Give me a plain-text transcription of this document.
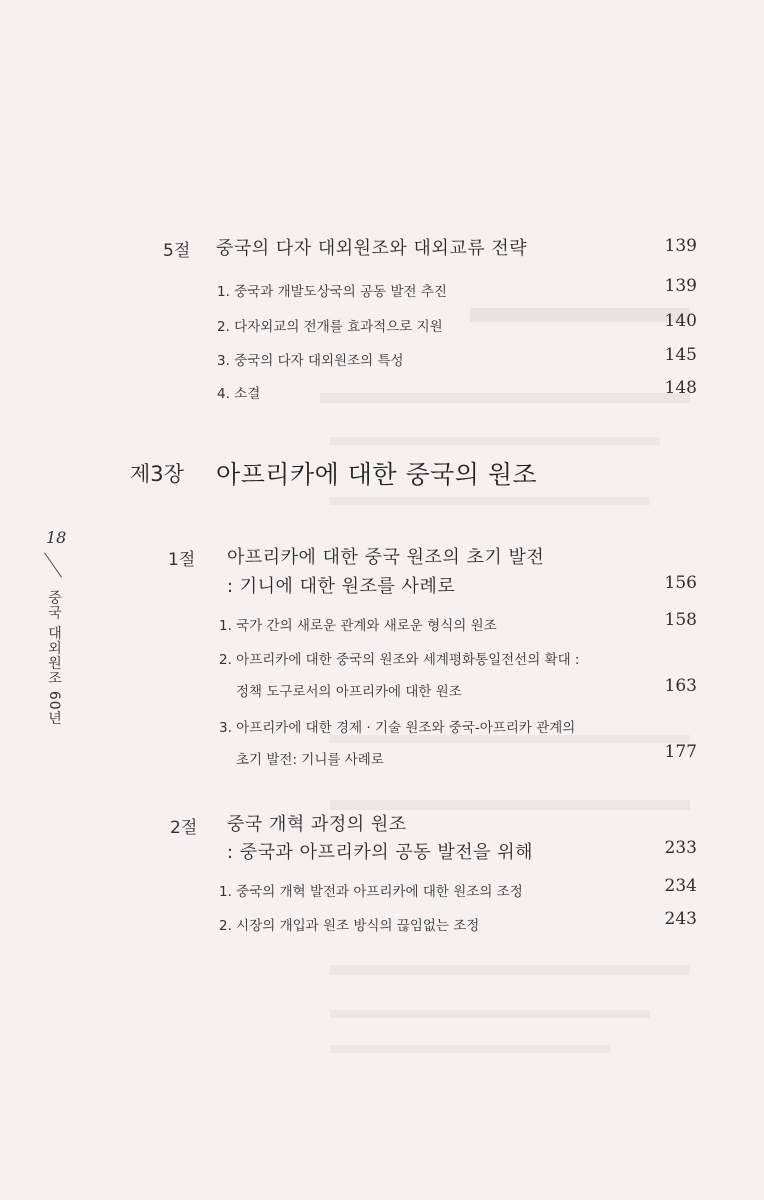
18
중국 대외원조 60년
5절 중국의 다자 대외원조와 대외교류 전략	139
1. 중국과 개발도상국의 공동 발전 추진	139
2. 다자외교의 전개를 효과적으로 지원	140
3. 중국의 다자 대외원조의 특성	145
4. 소결	148
제3장 아프리카에 대한 중국의 원조
1절 아프리카에 대한 중국 원조의 초기 발전
: 기니에 대한 원조를 사례로	156
1. 국가 간의 새로운 관계와 새로운 형식의 원조	158
2. 아프리카에 대한 중국의 원조와 세계평화통일전선의 확대 :
정책 도구로서의 아프리카에 대한 원조	163
3. 아프리카에 대한 경제 · 기술 원조와 중국-아프리카 관계의
초기 발전: 기니를 사례로	177
2절 중국 개혁 과정의 원조
: 중국과 아프리카의 공동 발전을 위해	233
1. 중국의 개혁 발전과 아프리카에 대한 원조의 조정	234
2. 시장의 개입과 원조 방식의 끊임없는 조정	243
